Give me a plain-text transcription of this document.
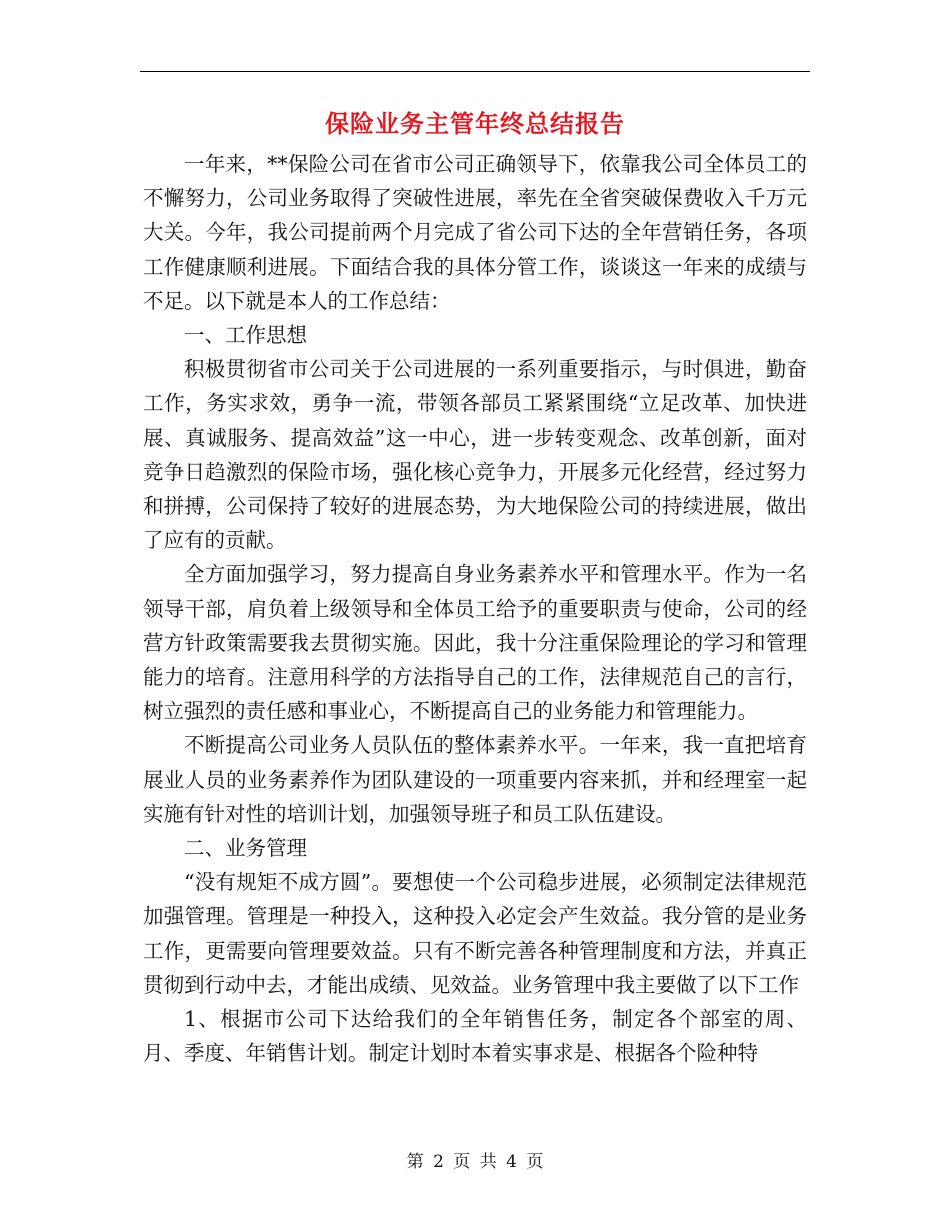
保险业务主管年终总结报告

一年来，**保险公司在省市公司正确领导下，依靠我公司全体员工的不懈努力，公司业务取得了突破性进展，率先在全省突破保费收入千万元大关。今年，我公司提前两个月完成了省公司下达的全年营销任务，各项工作健康顺利进展。下面结合我的具体分管工作，谈谈这一年来的成绩与不足。以下就是本人的工作总结：

一、工作思想

积极贯彻省市公司关于公司进展的一系列重要指示，与时俱进，勤奋工作，务实求效，勇争一流，带领各部员工紧紧围绕“立足改革、加快进展、真诚服务、提高效益”这一中心，进一步转变观念、改革创新，面对竞争日趋激烈的保险市场，强化核心竞争力，开展多元化经营，经过努力和拼搏，公司保持了较好的进展态势，为大地保险公司的持续进展，做出了应有的贡献。

全方面加强学习，努力提高自身业务素养水平和管理水平。作为一名领导干部，肩负着上级领导和全体员工给予的重要职责与使命，公司的经营方针政策需要我去贯彻实施。因此，我十分注重保险理论的学习和管理能力的培育。注意用科学的方法指导自己的工作，法律规范自己的言行，树立强烈的责任感和事业心，不断提高自己的业务能力和管理能力。

不断提高公司业务人员队伍的整体素养水平。一年来，我一直把培育展业人员的业务素养作为团队建设的一项重要内容来抓，并和经理室一起实施有针对性的培训计划，加强领导班子和员工队伍建设。

二、业务管理

“没有规矩不成方圆”。要想使一个公司稳步进展，必须制定法律规范加强管理。管理是一种投入，这种投入必定会产生效益。我分管的是业务工作，更需要向管理要效益。只有不断完善各种管理制度和方法，并真正贯彻到行动中去，才能出成绩、见效益。业务管理中我主要做了以下工作

1、根据市公司下达给我们的全年销售任务，制定各个部室的周、月、季度、年销售计划。制定计划时本着实事求是、根据各个险种特

第 2 页 共 4 页
